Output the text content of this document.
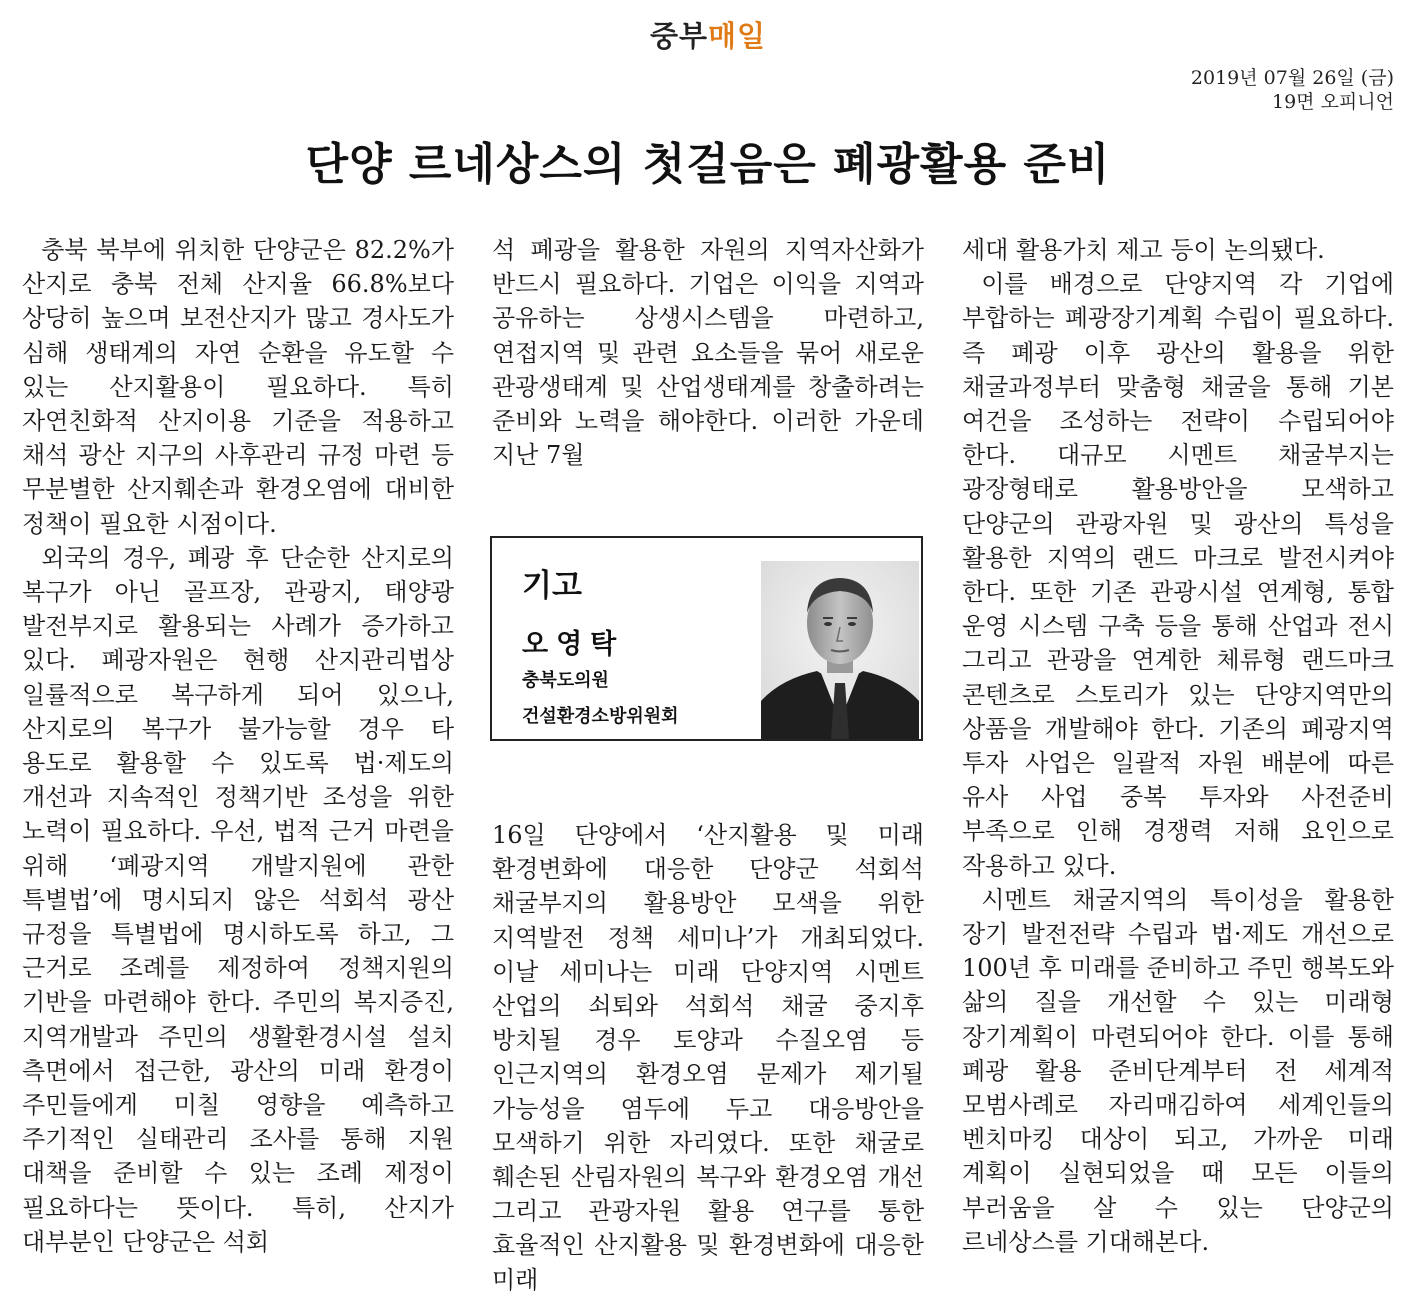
중부매일
2019년 07월 26일 (금)
19면 오피니언
단양 르네상스의 첫걸음은 폐광활용 준비

충북 북부에 위치한 단양군은 82.2%가 산지로 충북 전체 산지율 66.8%보다 상당히 높으며 보전산지가 많고 경사도가 심해 생태계의 자연 순환을 유도할 수 있는 산지활용이 필요하다. 특히 자연친화적 산지이용 기준을 적용하고 채석 광산 지구의 사후관리 규정 마련 등 무분별한 산지훼손과 환경오염에 대비한 정책이 필요한 시점이다.

외국의 경우, 폐광 후 단순한 산지로의 복구가 아닌 골프장, 관광지, 태양광 발전부지로 활용되는 사례가 증가하고 있다. 폐광자원은 현행 산지관리법상 일률적으로 복구하게 되어 있으나, 산지로의 복구가 불가능할 경우 타 용도로 활용할 수 있도록 법·제도의 개선과 지속적인 정책기반 조성을 위한 노력이 필요하다. 우선, 법적 근거 마련을 위해 ‘폐광지역 개발지원에 관한 특별법’에 명시되지 않은 석회석 광산 규정을 특별법에 명시하도록 하고, 그 근거로 조례를 제정하여 정책지원의 기반을 마련해야 한다. 주민의 복지증진, 지역개발과 주민의 생활환경시설 설치 측면에서 접근한, 광산의 미래 환경이 주민들에게 미칠 영향을 예측하고 주기적인 실태관리 조사를 통해 지원 대책을 준비할 수 있는 조례 제정이 필요하다는 뜻이다. 특히, 산지가 대부분인 단양군은 석회

석 폐광을 활용한 자원의 지역자산화가 반드시 필요하다. 기업은 이익을 지역과 공유하는 상생시스템을 마련하고, 연접지역 및 관련 요소들을 묶어 새로운 관광생태계 및 산업생태계를 창출하려는 준비와 노력을 해야한다. 이러한 가운데 지난 7월

기고
오영탁
충북도의원
건설환경소방위원회

16일 단양에서 ‘산지활용 및 미래 환경변화에 대응한 단양군 석회석 채굴부지의 활용방안 모색을 위한 지역발전 정책 세미나’가 개최되었다. 이날 세미나는 미래 단양지역 시멘트 산업의 쇠퇴와 석회석 채굴 중지후 방치될 경우 토양과 수질오염 등 인근지역의 환경오염 문제가 제기될 가능성을 염두에 두고 대응방안을 모색하기 위한 자리였다. 또한 채굴로 훼손된 산림자원의 복구와 환경오염 개선 그리고 관광자원 활용 연구를 통한 효율적인 산지활용 및 환경변화에 대응한 미래

세대 활용가치 제고 등이 논의됐다.

이를 배경으로 단양지역 각 기업에 부합하는 폐광장기계획 수립이 필요하다. 즉 폐광 이후 광산의 활용을 위한 채굴과정부터 맞춤형 채굴을 통해 기본 여건을 조성하는 전략이 수립되어야 한다. 대규모 시멘트 채굴부지는 광장형태로 활용방안을 모색하고 단양군의 관광자원 및 광산의 특성을 활용한 지역의 랜드 마크로 발전시켜야 한다. 또한 기존 관광시설 연계형, 통합 운영 시스템 구축 등을 통해 산업과 전시 그리고 관광을 연계한 체류형 랜드마크 콘텐츠로 스토리가 있는 단양지역만의 상품을 개발해야 한다. 기존의 폐광지역 투자 사업은 일괄적 자원 배분에 따른 유사 사업 중복 투자와 사전준비 부족으로 인해 경쟁력 저해 요인으로 작용하고 있다.

시멘트 채굴지역의 특이성을 활용한 장기 발전전략 수립과 법·제도 개선으로 100년 후 미래를 준비하고 주민 행복도와 삶의 질을 개선할 수 있는 미래형 장기계획이 마련되어야 한다. 이를 통해 폐광 활용 준비단계부터 전 세계적 모범사례로 자리매김하여 세계인들의 벤치마킹 대상이 되고, 가까운 미래 계획이 실현되었을 때 모든 이들의 부러움을 살 수 있는 단양군의 르네상스를 기대해본다.
